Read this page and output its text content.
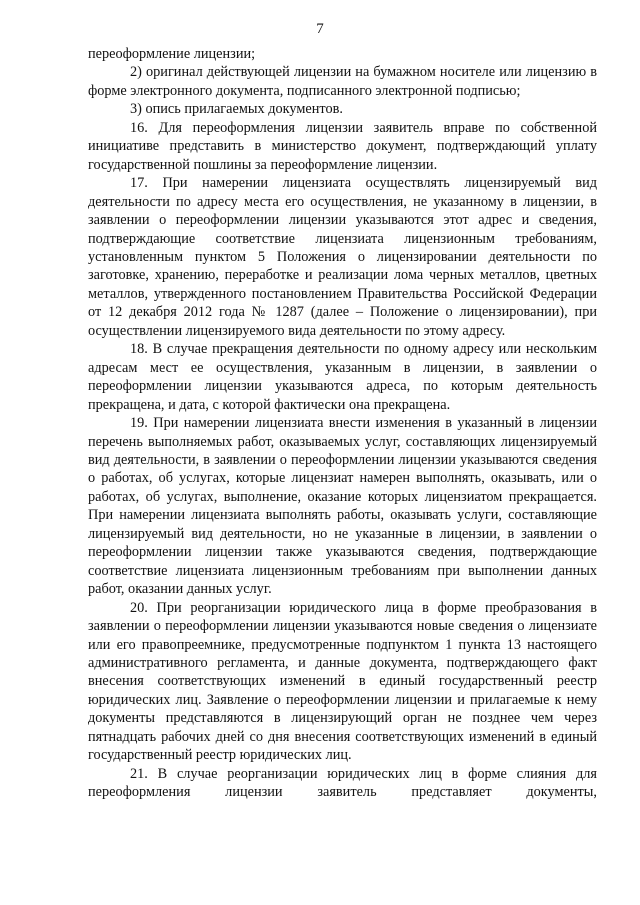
7

переоформление лицензии;

2) оригинал действующей лицензии на бумажном носителе или лицензию в форме электронного документа, подписанного электронной подписью;

3) опись прилагаемых документов.

16. Для переоформления лицензии заявитель вправе по собственной инициативе представить в министерство документ, подтверждающий уплату государственной пошлины за переоформление лицензии.

17. При намерении лицензиата осуществлять лицензируемый вид деятельности по адресу места его осуществления, не указанному в лицензии, в заявлении о переоформлении лицензии указываются этот адрес и сведения, подтверждающие соответствие лицензиата лицензионным требованиям, установленным пунктом 5 Положения о лицензировании деятельности по заготовке, хранению, переработке и реализации лома черных металлов, цветных металлов, утвержденного постановлением Правительства Российской Федерации от 12 декабря 2012 года № 1287 (далее – Положение о лицензировании), при осуществлении лицензируемого вида деятельности по этому адресу.

18. В случае прекращения деятельности по одному адресу или нескольким адресам мест ее осуществления, указанным в лицензии, в заявлении о переоформлении лицензии указываются адреса, по которым деятельность прекращена, и дата, с которой фактически она прекращена.

19. При намерении лицензиата внести изменения в указанный в лицензии перечень выполняемых работ, оказываемых услуг, составляющих лицензируемый вид деятельности, в заявлении о переоформлении лицензии указываются сведения о работах, об услугах, которые лицензиат намерен выполнять, оказывать, или о работах, об услугах, выполнение, оказание которых лицензиатом прекращается. При намерении лицензиата выполнять работы, оказывать услуги, составляющие лицензируемый вид деятельности, но не указанные в лицензии, в заявлении о переоформлении лицензии также указываются сведения, подтверждающие соответствие лицензиата лицензионным требованиям при выполнении данных работ, оказании данных услуг.

20. При реорганизации юридического лица в форме преобразования в заявлении о переоформлении лицензии указываются новые сведения о лицензиате или его правопреемнике, предусмотренные подпунктом 1 пункта 13 настоящего административного регламента, и данные документа, подтверждающего факт внесения соответствующих изменений в единый государственный реестр юридических лиц. Заявление о переоформлении лицензии и прилагаемые к нему документы представляются в лицензирующий орган не позднее чем через пятнадцать рабочих дней со дня внесения соответствующих изменений в единый государственный реестр юридических лиц.

21. В случае реорганизации юридических лиц в форме слияния для переоформления лицензии заявитель представляет документы,
